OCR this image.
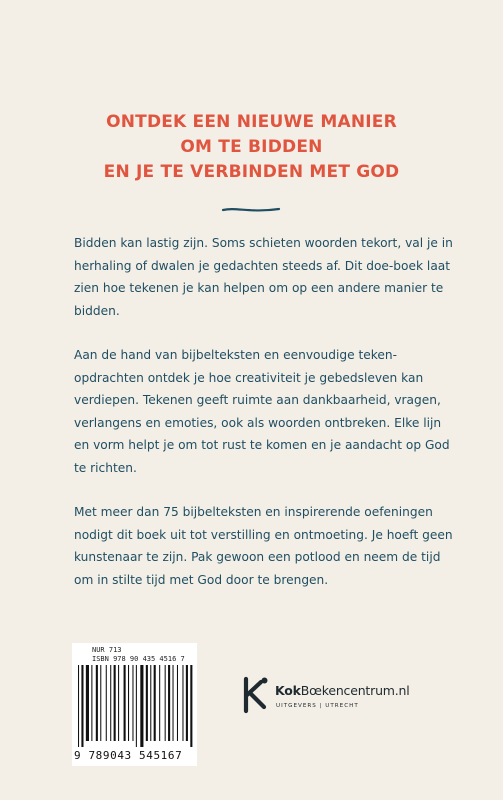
ONTDEK EEN NIEUWE MANIER
OM TE BIDDEN
EN JE TE VERBINDEN MET GOD

Bidden kan lastig zijn. Soms schieten woorden tekort, val je in herhaling of dwalen je gedachten steeds af. Dit doe-boek laat zien hoe tekenen je kan helpen om op een andere manier te bidden.

Aan de hand van bijbelteksten en eenvoudige teken-opdrachten ontdek je hoe creativiteit je gebedsleven kan verdiepen. Tekenen geeft ruimte aan dankbaarheid, vragen, verlangens en emoties, ook als woorden ontbreken. Elke lijn en vorm helpt je om tot rust te komen en je aandacht op God te richten.

Met meer dan 75 bijbelteksten en inspirerende oefeningen nodigt dit boek uit tot verstilling en ontmoeting. Je hoeft geen kunstenaar te zijn. Pak gewoon een potlood en neem de tijd om in stilte tijd met God door te brengen.

NUR 713
ISBN 978 90 435 4516 7
9 789043 545167
KokBœkencentrum.nl
UITGEVERS | UTRECHT
